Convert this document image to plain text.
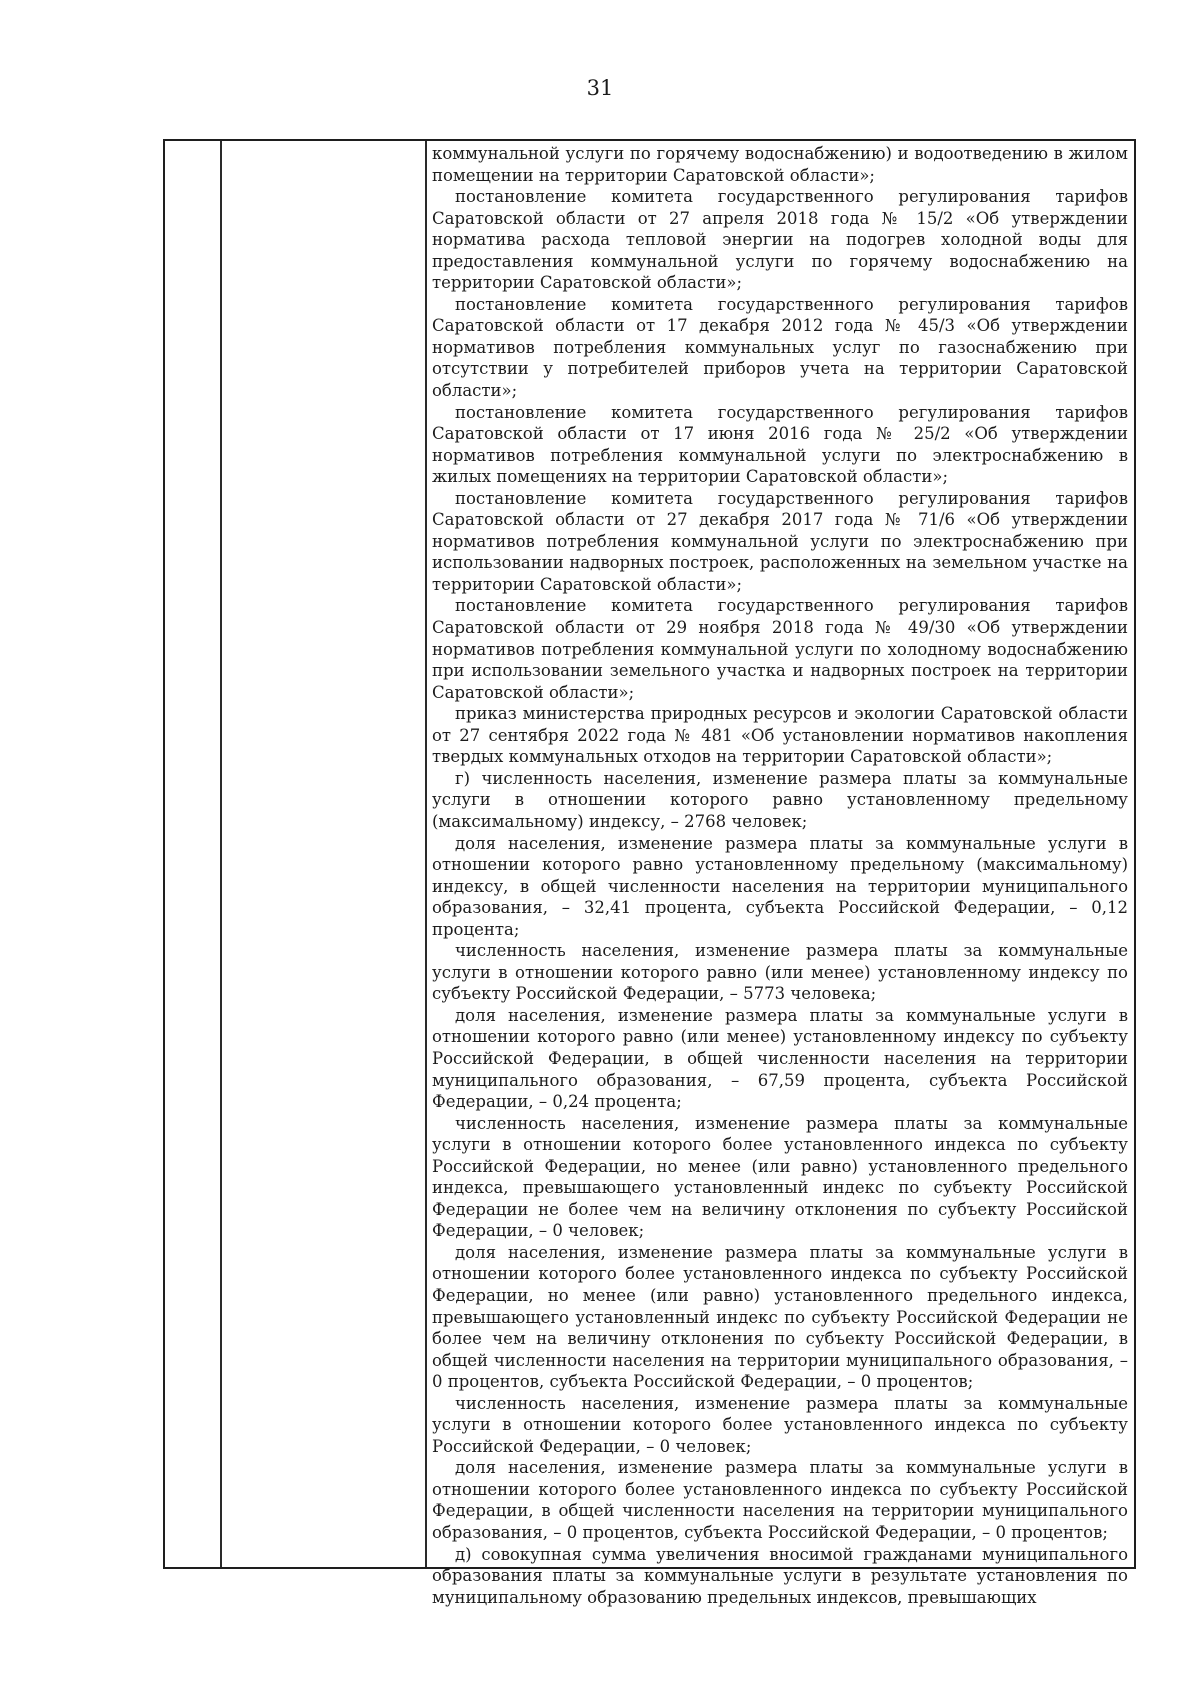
31

коммунальной услуги по горячему водоснабжению) и водоотведению в жилом помещении на территории Саратовской области»;

постановление комитета государственного регулирования тарифов Саратовской области от 27 апреля 2018 года № 15/2 «Об утверждении норматива расхода тепловой энергии на подогрев холодной воды для предоставления коммунальной услуги по горячему водоснабжению на территории Саратовской области»;

постановление комитета государственного регулирования тарифов Саратовской области от 17 декабря 2012 года № 45/3 «Об утверждении нормативов потребления коммунальных услуг по газоснабжению при отсутствии у потребителей приборов учета на территории Саратовской области»;

постановление комитета государственного регулирования тарифов Саратовской области от 17 июня 2016 года № 25/2 «Об утверждении нормативов потребления коммунальной услуги по электроснабжению в жилых помещениях на территории Саратовской области»;

постановление комитета государственного регулирования тарифов Саратовской области от 27 декабря 2017 года № 71/6 «Об утверждении нормативов потребления коммунальной услуги по электроснабжению при использовании надворных построек, расположенных на земельном участке на территории Саратовской области»;

постановление комитета государственного регулирования тарифов Саратовской области от 29 ноября 2018 года № 49/30 «Об утверждении нормативов потребления коммунальной услуги по холодному водоснабжению при использовании земельного участка и надворных построек на территории Саратовской области»;

приказ министерства природных ресурсов и экологии Саратовской области от 27 сентября 2022 года № 481 «Об установлении нормативов накопления твердых коммунальных отходов на территории Саратовской области»;

г) численность населения, изменение размера платы за коммунальные услуги в отношении которого равно установленному предельному (максимальному) индексу, – 2768 человек;

доля населения, изменение размера платы за коммунальные услуги в отношении которого равно установленному предельному (максимальному) индексу, в общей численности населения на территории муниципального образования, – 32,41 процента, субъекта Российской Федерации, – 0,12 процента;

численность населения, изменение размера платы за коммунальные услуги в отношении которого равно (или менее) установленному индексу по субъекту Российской Федерации, – 5773 человека;

доля населения, изменение размера платы за коммунальные услуги в отношении которого равно (или менее) установленному индексу по субъекту Российской Федерации, в общей численности населения на территории муниципального образования, – 67,59 процента, субъекта Российской Федерации, – 0,24 процента;

численность населения, изменение размера платы за коммунальные услуги в отношении которого более установленного индекса по субъекту Российской Федерации, но менее (или равно) установленного предельного индекса, превышающего установленный индекс по субъекту Российской Федерации не более чем на величину отклонения по субъекту Российской Федерации, – 0 человек;

доля населения, изменение размера платы за коммунальные услуги в отношении которого более установленного индекса по субъекту Российской Федерации, но менее (или равно) установленного предельного индекса, превышающего установленный индекс по субъекту Российской Федерации не более чем на величину отклонения по субъекту Российской Федерации, в общей численности населения на территории муниципального образования, – 0 процентов, субъекта Российской Федерации, – 0 процентов;

численность населения, изменение размера платы за коммунальные услуги в отношении которого более установленного индекса по субъекту Российской Федерации, – 0 человек;

доля населения, изменение размера платы за коммунальные услуги в отношении которого более установленного индекса по субъекту Российской Федерации, в общей численности населения на территории муниципального образования, – 0 процентов, субъекта Российской Федерации, – 0 процентов;

д) совокупная сумма увеличения вносимой гражданами муниципального образования платы за коммунальные услуги в результате установления по муниципальному образованию предельных индексов, превышающих
